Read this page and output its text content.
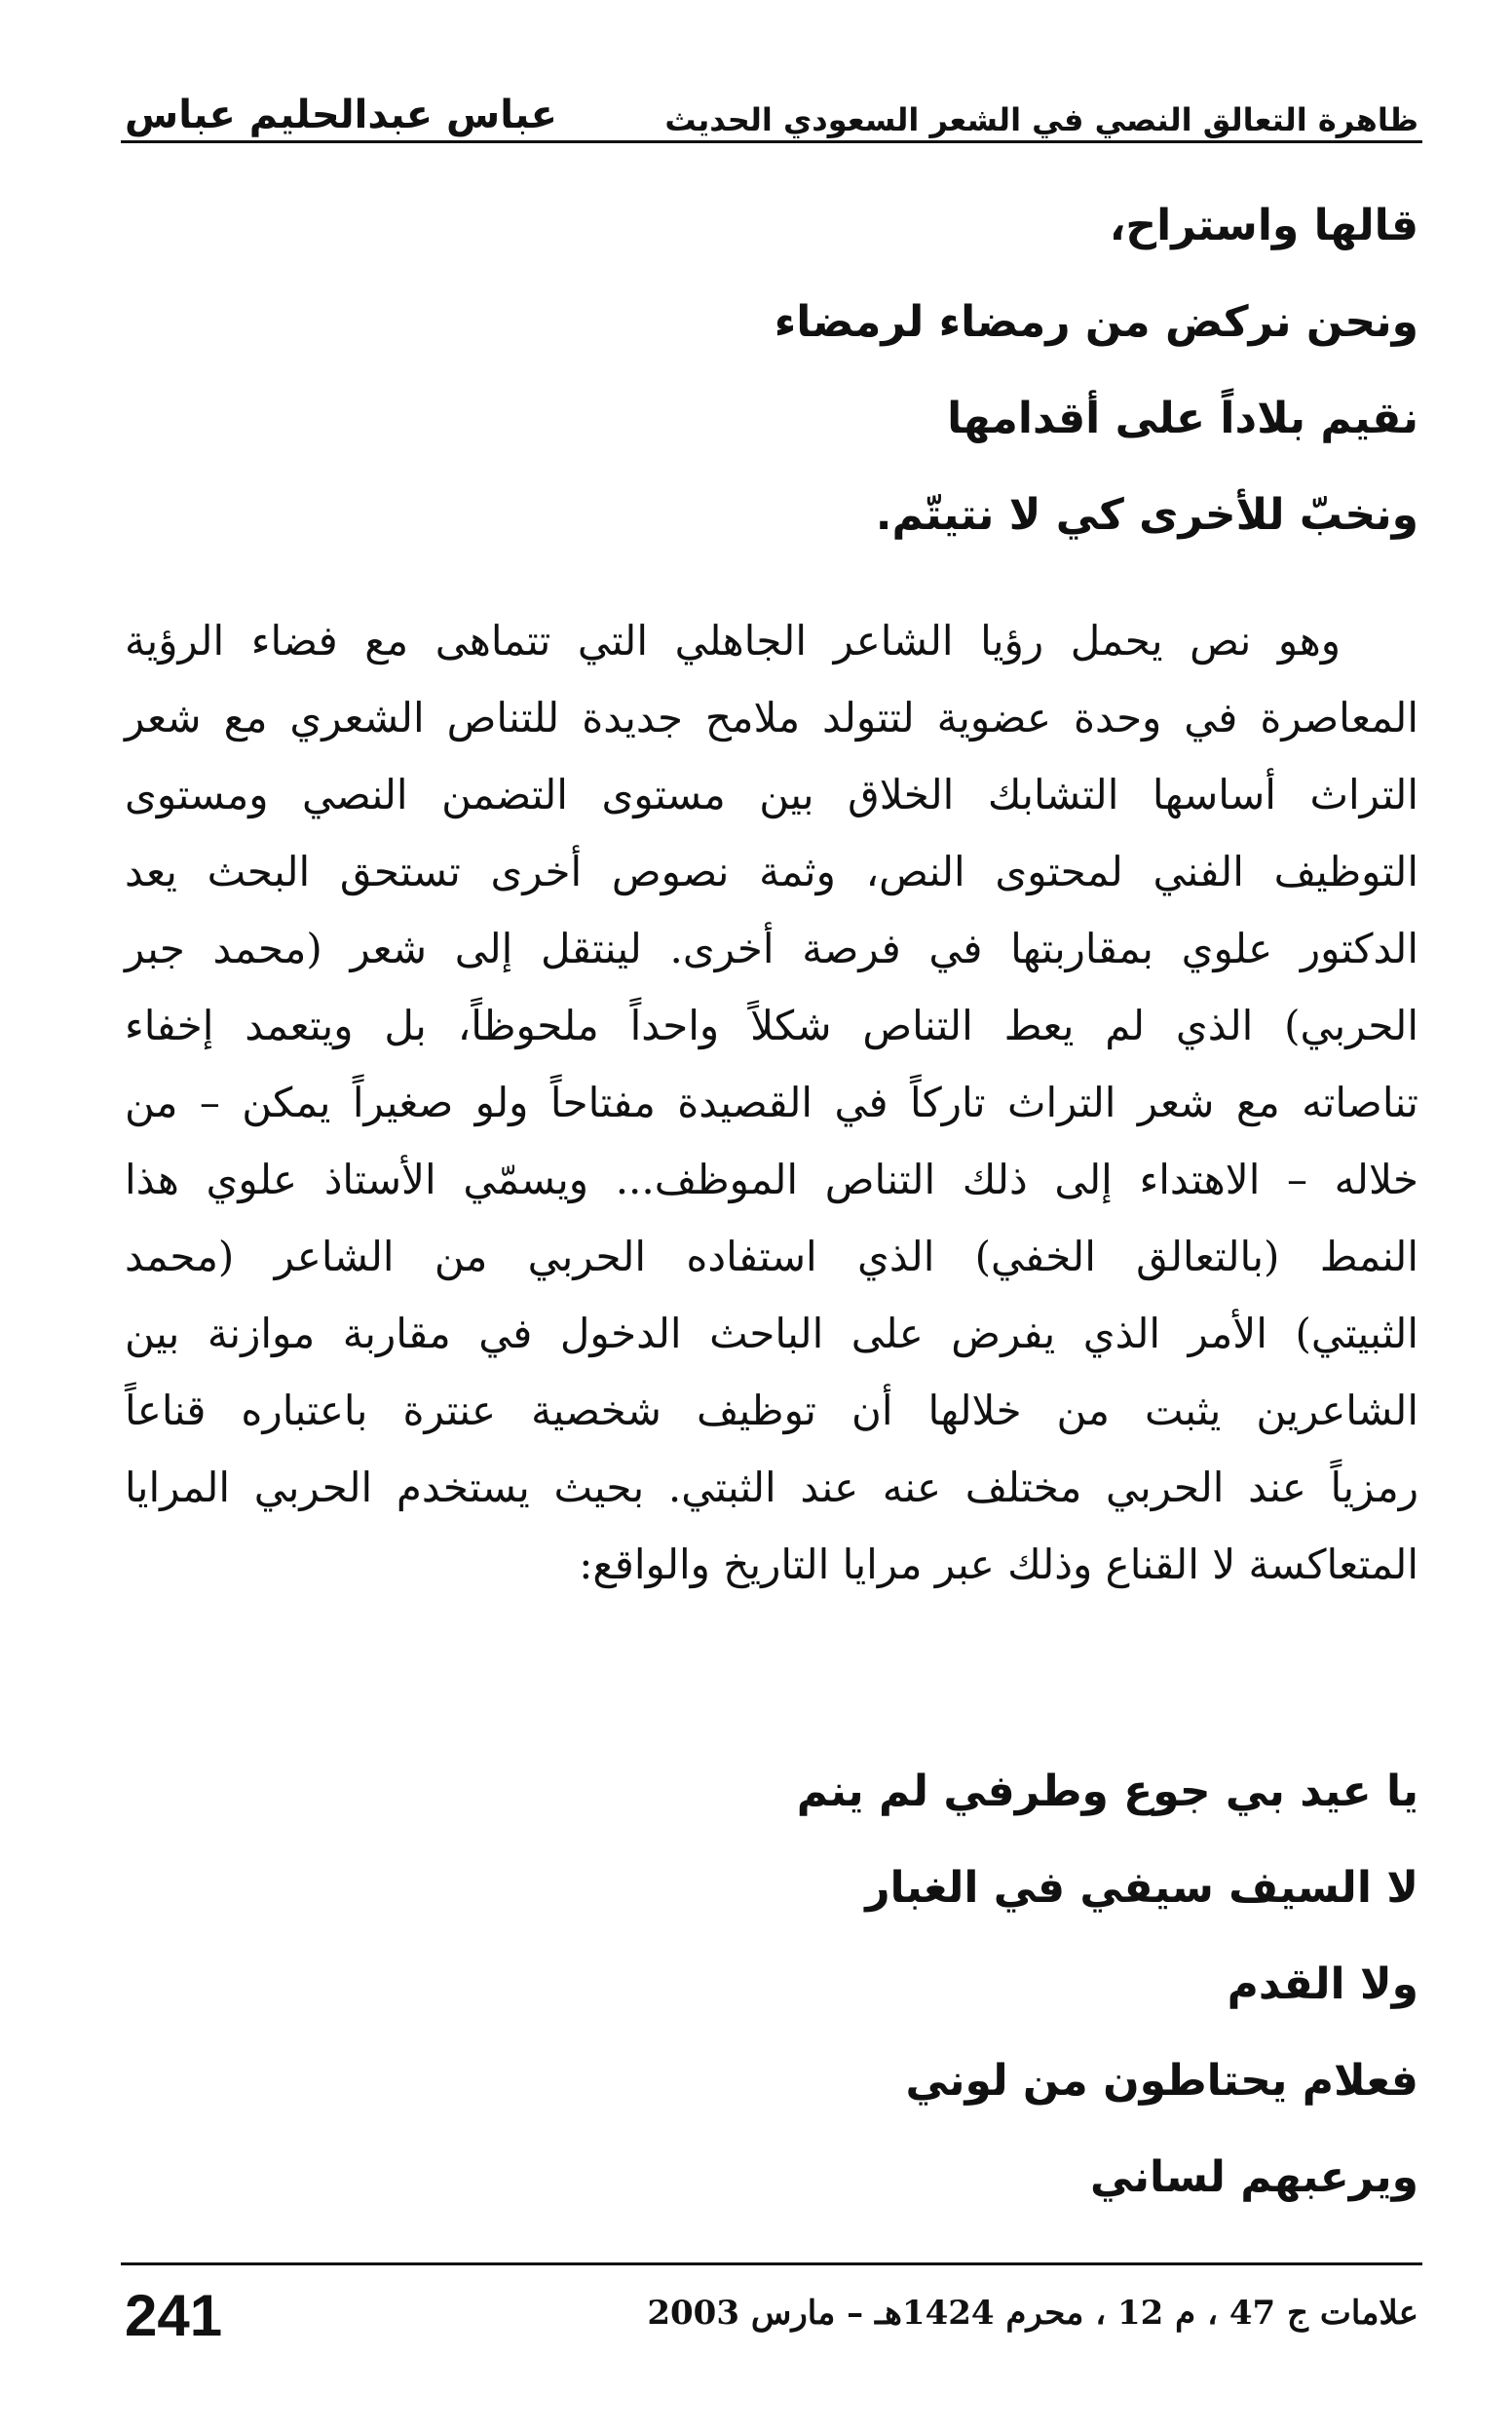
ظاهرة التعالق النصي في الشعر السعودي الحديث
عباس عبدالحليم عباس
قالها واستراح،
ونحن نركض من رمضاء لرمضاء
نقيم بلاداً على أقدامها
ونخبّ للأخرى كي لا نتيتّم.
وهو نص يحمل رؤيا الشاعر الجاهلي التي تتماهى مع فضاء الرؤية
المعاصرة في وحدة عضوية لتتولد ملامح جديدة للتناص الشعري مع شعر
التراث أساسها التشابك الخلاق بين مستوى التضمن النصي ومستوى
التوظيف الفني لمحتوى النص، وثمة نصوص أخرى تستحق البحث يعد
الدكتور علوي بمقاربتها في فرصة أخرى. لينتقل إلى شعر (محمد جبر
الحربي) الذي لم يعط التناص شكلاً واحداً ملحوظاً، بل ويتعمد إخفاء
تناصاته مع شعر التراث تاركاً في القصيدة مفتاحاً ولو صغيراً يمكن – من
خلاله – الاهتداء إلى ذلك التناص الموظف... ويسمّي الأستاذ علوي هذا
النمط (بالتعالق الخفي) الذي استفاده الحربي من الشاعر (محمد
الثبيتي) الأمر الذي يفرض على الباحث الدخول في مقاربة موازنة بين
الشاعرين يثبت من خلالها أن توظيف شخصية عنترة باعتباره قناعاً
رمزياً عند الحربي مختلف عنه عند الثبتي. بحيث يستخدم الحربي المرايا
المتعاكسة لا القناع وذلك عبر مرايا التاريخ والواقع:
يا عيد بي جوع وطرفي لم ينم
لا السيف سيفي في الغبار
ولا القدم
فعلام يحتاطون من لوني
ويرعبهم لساني
علامات ج 47 ، م 12 ، محرم 1424هـ – مارس 2003
241
